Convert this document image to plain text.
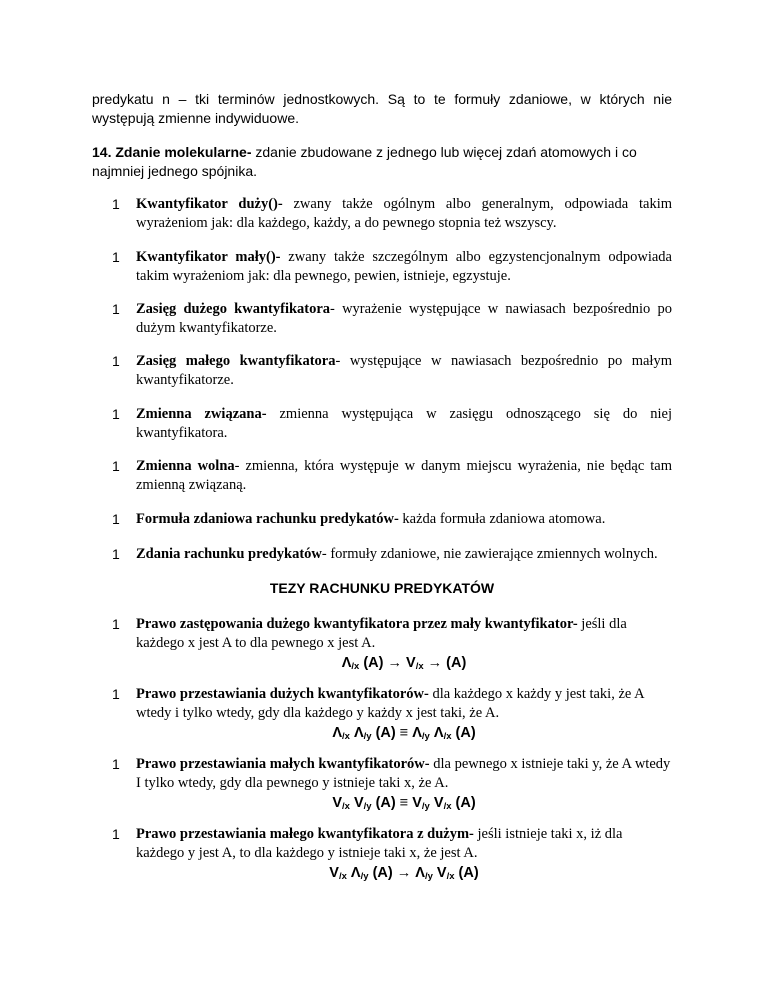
predykatu n – tki terminów jednostkowych. Są to te formuły zdaniowe, w których nie występują zmienne indywiduowe.
14. Zdanie molekularne- zdanie zbudowane z jednego lub więcej zdań atomowych i co najmniej jednego spójnika.
1 Kwantyfikator duży()- zwany także ogólnym albo generalnym, odpowiada takim wyrażeniom jak: dla każdego, każdy, a do pewnego stopnia też wszyscy.
1 Kwantyfikator mały()- zwany także szczególnym albo egzystencjonalnym odpowiada takim wyrażeniom jak: dla pewnego, pewien, istnieje, egzystuje.
1 Zasięg dużego kwantyfikatora- wyrażenie występujące w nawiasach bezpośrednio po dużym kwantyfikatorze.
1 Zasięg małego kwantyfikatora- występujące w nawiasach bezpośrednio po małym kwantyfikatorze.
1 Zmienna związana- zmienna występująca w zasięgu odnoszącego się do niej kwantyfikatora.
1 Zmienna wolna- zmienna, która występuje w danym miejscu wyrażenia, nie będąc tam zmienną związaną.
1 Formuła zdaniowa rachunku predykatów- każda formuła zdaniowa atomowa.
1 Zdania rachunku predykatów- formuły zdaniowe, nie zawierające zmiennych wolnych.
TEZY RACHUNKU PREDYKATÓW
1 Prawo zastępowania dużego kwantyfikatora przez mały kwantyfikator- jeśli dla każdego x jest A to dla pewnego x jest A.
$\Lambda_{/x}$ $(A) \to V_{/x} \to (A)$
1 Prawo przestawiania dużych kwantyfikatorów- dla każdego x każdy y jest taki, że A wtedy i tylko wtedy, gdy dla każdego y każdy x jest taki, że A.
$\Lambda_{/x}$ $\Lambda_{/y}$ $(A) \equiv \Lambda_{/y}$ $\Lambda_{/x}$ (A)
1 Prawo przestawiania małych kwantyfikatorów- dla pewnego x istnieje taki y, że A wtedy I tylko wtedy, gdy dla pewnego y istnieje taki x, że A.
$V_{/x}$ $V_{/y}$ $(A) \equiv V_{/y}$ $V_{/x}$ (A)
1 Prawo przestawiania małego kwantyfikatora z dużym- jeśli istnieje taki x, iż dla każdego y jest A, to dla każdego y istnieje taki x, że jest A.
$V_{/x}$ $\Lambda_{/y}$ $(A) \to \Lambda_{/y}$ $V_{/x}$ (A)
